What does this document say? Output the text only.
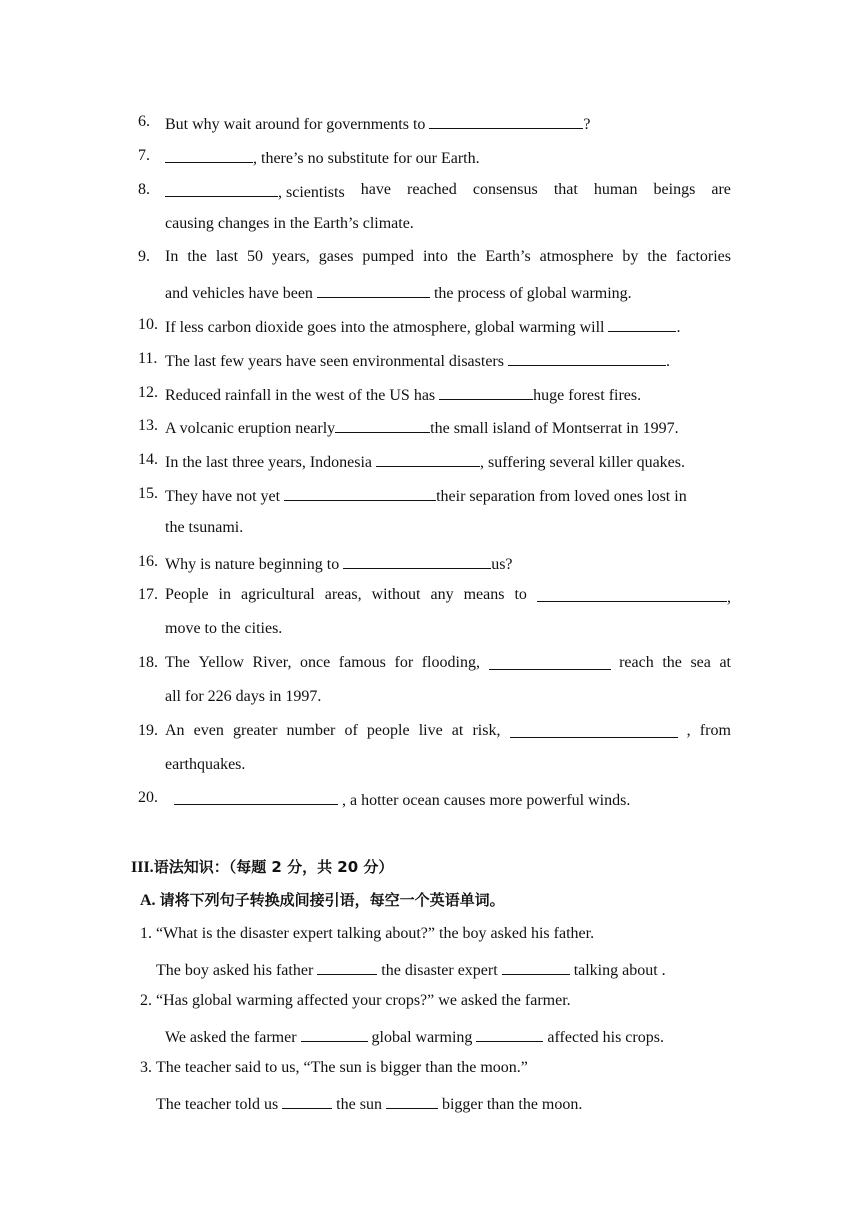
6. But why wait around for governments to	?
7.	, there’s no substitute for our Earth.
8.	, scientists have reached consensus that human beings are
causing changes in the Earth’s climate.
9. In the last 50 years, gases pumped into the Earth’s atmosphere by the factories
and vehicles have been	the process of global warming.
10. If less carbon dioxide goes into the atmosphere, global warming will	.
11. The last few years have seen environmental disasters	.
12. Reduced rainfall in the west of the US has	huge forest fires.
13. A volcanic eruption nearly	the small island of Montserrat in 1997.
14. In the last three years, Indonesia	, suffering several killer quakes.
15. They have not yet	their separation from loved ones lost in
the tsunami.
16. Why is nature beginning to	us?
17. People in agricultural areas, without any means to	,
move to the cities.
18. The Yellow River, once famous for flooding,	reach the sea at
all for 226 days in 1997.
19. An even greater number of people live at risk,	, from
earthquakes.
20.	, a hotter ocean causes more powerful winds.
III.语法知识：（每题 2 分，共 20 分）
A. 请将下列句子转换成间接引语，每空一个英语单词。
1. “What is the disaster expert talking about?” the boy asked his father.
The boy asked his father	the disaster expert	talking about .
2. “Has global warming affected your crops?” we asked the farmer.
We asked the farmer	global warming	affected his crops.
3. The teacher said to us, “The sun is bigger than the moon.”
The teacher told us	the sun	bigger than the moon.
